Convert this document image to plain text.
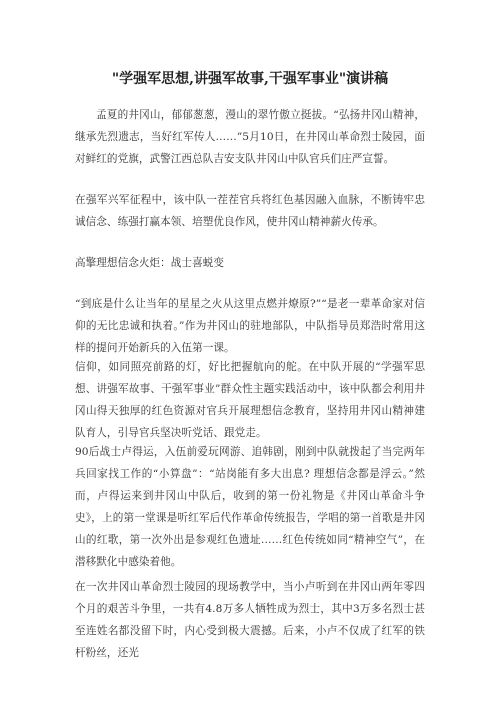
"学强军思想,讲强军故事,干强军事业"演讲稿

孟夏的井冈山，郁郁葱葱，漫山的翠竹傲立挺拔。“弘扬井冈山精神，继承先烈遗志，当好红军传人……”5月10日，在井冈山革命烈士陵园，面对鲜红的党旗，武警江西总队吉安支队井冈山中队官兵们庄严宣誓。

在强军兴军征程中，该中队一茬茬官兵将红色基因融入血脉，不断铸牢忠诚信念、练强打赢本领、培塑优良作风，使井冈山精神薪火传承。

高擎理想信念火炬：战士喜蜕变

“到底是什么让当年的星星之火从这里点燃并燎原?”“是老一辈革命家对信仰的无比忠诚和执着。”作为井冈山的驻地部队，中队指导员郑浩时常用这样的提问开始新兵的入伍第一课。

信仰，如同照亮前路的灯，好比把握航向的舵。在中队开展的“学强军思想、讲强军故事、干强军事业”群众性主题实践活动中，该中队都会利用井冈山得天独厚的红色资源对官兵开展理想信念教育，坚持用井冈山精神建队育人，引导官兵坚决听党话、跟党走。

90后战士卢得运，入伍前爱玩网游、追韩剧，刚到中队就拨起了当完两年兵回家找工作的“小算盘”：“站岗能有多大出息? 理想信念都是浮云。”然而，卢得运来到井冈山中队后，收到的第一份礼物是《井冈山革命斗争史》，上的第一堂课是听红军后代作革命传统报告，学唱的第一首歌是井冈山的红歌，第一次外出是参观红色遗址……红色传统如同“精神空气”，在潜移默化中感染着他。

在一次井冈山革命烈士陵园的现场教学中，当小卢听到在井冈山两年零四个月的艰苦斗争里，一共有4.8万多人牺牲成为烈士，其中3万多名烈士甚至连姓名都没留下时，内心受到极大震撼。后来，小卢不仅成了红军的铁杆粉丝，还光
